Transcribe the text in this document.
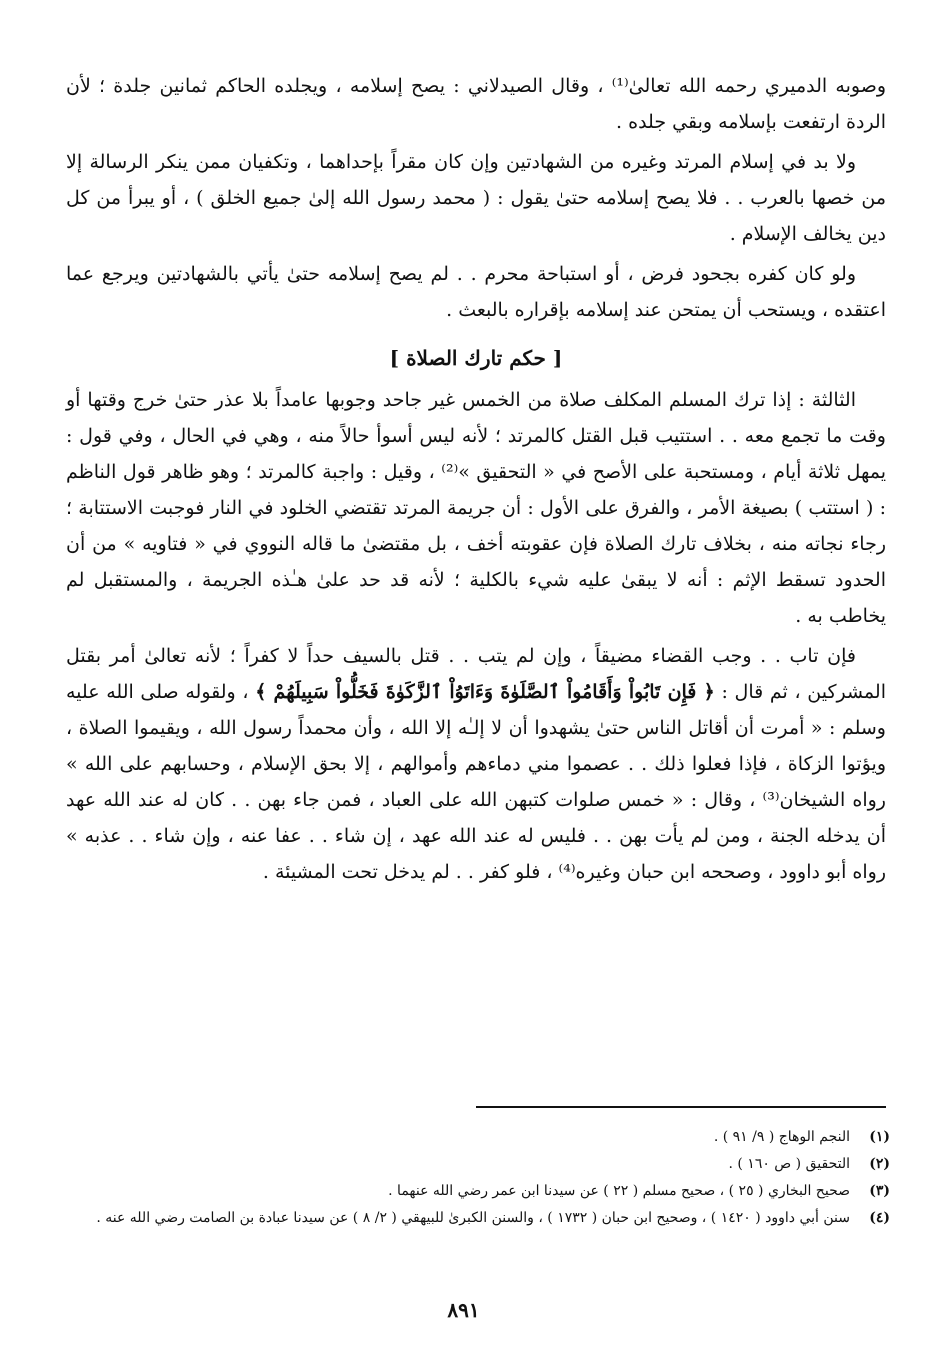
وصوبه الدميري رحمه الله تعالىٰ⁽¹⁾ ، وقال الصيدلاني : يصح إسلامه ، ويجلده الحاكم ثمانين جلدة ؛ لأن الردة ارتفعت بإسلامه وبقي جلده .

ولا بد في إسلام المرتد وغيره من الشهادتين وإن كان مقراً بإحداهما ، وتكفيان ممن ينكر الرسالة إلا من خصها بالعرب . . فلا يصح إسلامه حتىٰ يقول : ( محمد رسول الله إلىٰ جميع الخلق ) ، أو يبرأ من كل دين يخالف الإسلام .

ولو كان كفره بجحود فرض ، أو استباحة محرم . . لم يصح إسلامه حتىٰ يأتي بالشهادتين ويرجع عما اعتقده ، ويستحب أن يمتحن عند إسلامه بإقراره بالبعث .

[ حكم تارك الصلاة ]

الثالثة : إذا ترك المسلم المكلف صلاة من الخمس غير جاحد وجوبها عامداً بلا عذر حتىٰ خرج وقتها أو وقت ما تجمع معه . . استتيب قبل القتل كالمرتد ؛ لأنه ليس أسوأ حالاً منه ، وهي في الحال ، وفي قول : يمهل ثلاثة أيام ، ومستحبة على الأصح في « التحقيق »⁽²⁾ ، وقيل : واجبة كالمرتد ؛ وهو ظاهر قول الناظم : ( استتب ) بصيغة الأمر ، والفرق على الأول : أن جريمة المرتد تقتضي الخلود في النار فوجبت الاستتابة ؛ رجاء نجاته منه ، بخلاف تارك الصلاة فإن عقوبته أخف ، بل مقتضىٰ ما قاله النووي في « فتاويه » من أن الحدود تسقط الإثم : أنه لا يبقىٰ عليه شيء بالكلية ؛ لأنه قد حد علىٰ هـٰذه الجريمة ، والمستقبل لم يخاطب به .

فإن تاب . . وجب القضاء مضيقاً ، وإن لم يتب . . قتل بالسيف حداً لا كفراً ؛ لأنه تعالىٰ أمر بقتل المشركين ، ثم قال : ﴿ فَإِن تَابُواْ وَأَقَامُواْ ٱلصَّلَوٰةَ وَءَاتَوُاْ ٱلزَّكَوٰةَ فَخَلُّواْ سَبِيلَهُمْ ﴾ ، ولقوله صلى الله عليه وسلم : « أمرت أن أقاتل الناس حتىٰ يشهدوا أن لا إلـٰه إلا الله ، وأن محمداً رسول الله ، ويقيموا الصلاة ، ويؤتوا الزكاة ، فإذا فعلوا ذلك . . عصموا مني دماءهم وأموالهم ، إلا بحق الإسلام ، وحسابهم على الله » رواه الشيخان⁽³⁾ ، وقال : « خمس صلوات كتبهن الله على العباد ، فمن جاء بهن . . كان له عند الله عهد أن يدخله الجنة ، ومن لم يأت بهن . . فليس له عند الله عهد ، إن شاء . . عفا عنه ، وإن شاء . . عذبه » رواه أبو داوود ، وصححه ابن حبان وغيره⁽⁴⁾ ، فلو كفر . . لم يدخل تحت المشيئة .

(١)
النجم الوهاج ( ٩/ ٩١ ) .
(٢)
التحقيق ( ص ١٦٠ ) .
(٣)
صحيح البخاري ( ٢٥ ) ، صحيح مسلم ( ٢٢ ) عن سيدنا ابن عمر رضي الله عنهما .
(٤)
سنن أبي داوود ( ١٤٢٠ ) ، وصحيح ابن حبان ( ١٧٣٢ ) ، والسنن الكبرىٰ للبيهقي ( ٢/ ٨ ) عن سيدنا عبادة بن الصامت رضي الله عنه .
٨٩١
